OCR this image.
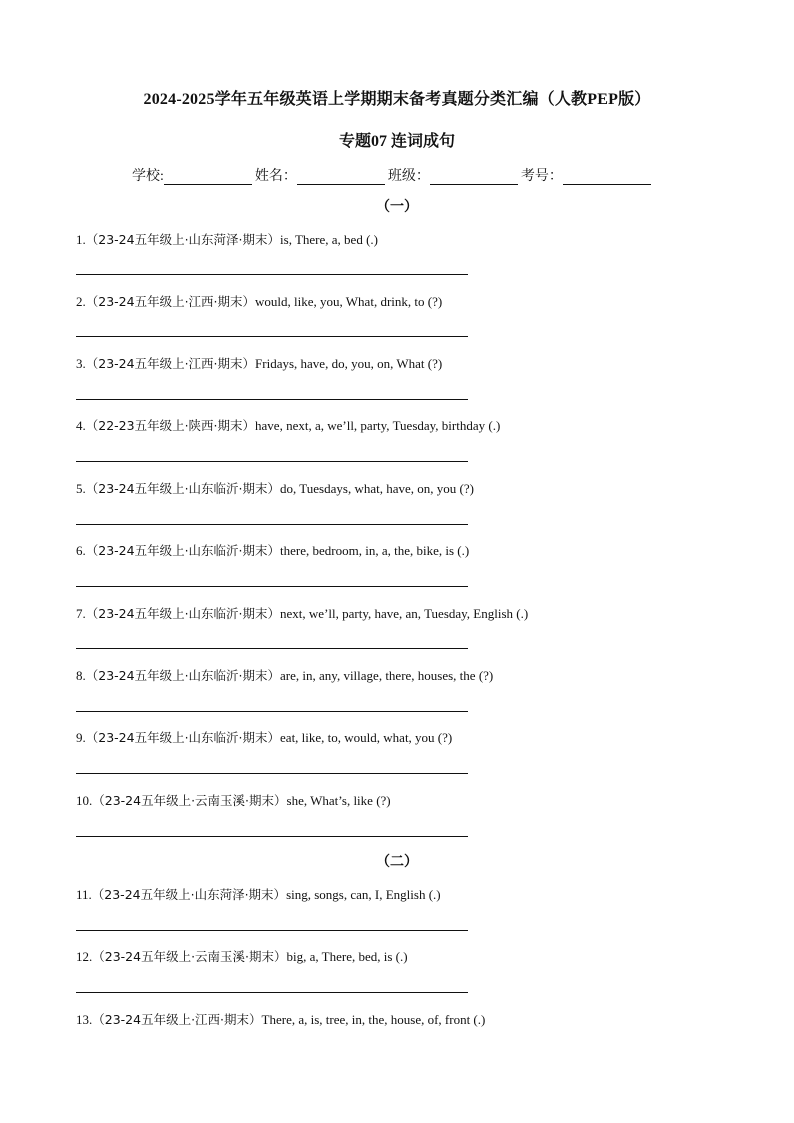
2024-2025学年五年级英语上学期期末备考真题分类汇编（人教PEP版）
专题07 连词成句
学校:	姓名：	班级：	考号：
（一）
1.（23-24五年级上·山东菏泽·期末）is, There, a, bed (.)
2.（23-24五年级上·江西·期末）would, like, you, What, drink, to (?)
3.（23-24五年级上·江西·期末）Fridays, have, do, you, on, What (?)
4.（22-23五年级上·陕西·期末）have, next, a, we’ll, party, Tuesday, birthday (.)
5.（23-24五年级上·山东临沂·期末）do, Tuesdays, what, have, on, you (?)
6.（23-24五年级上·山东临沂·期末）there, bedroom, in, a, the, bike, is (.)
7.（23-24五年级上·山东临沂·期末）next, we’ll, party, have, an, Tuesday, English (.)
8.（23-24五年级上·山东临沂·期末）are, in, any, village, there, houses, the (?)
9.（23-24五年级上·山东临沂·期末）eat, like, to, would, what, you (?)
10.（23-24五年级上·云南玉溪·期末）she, What’s, like (?)
（二）
11.（23-24五年级上·山东菏泽·期末）sing, songs, can, I, English (.)
12.（23-24五年级上·云南玉溪·期末）big, a, There, bed, is (.)
13.（23-24五年级上·江西·期末）There, a, is, tree, in, the, house, of, front (.)
